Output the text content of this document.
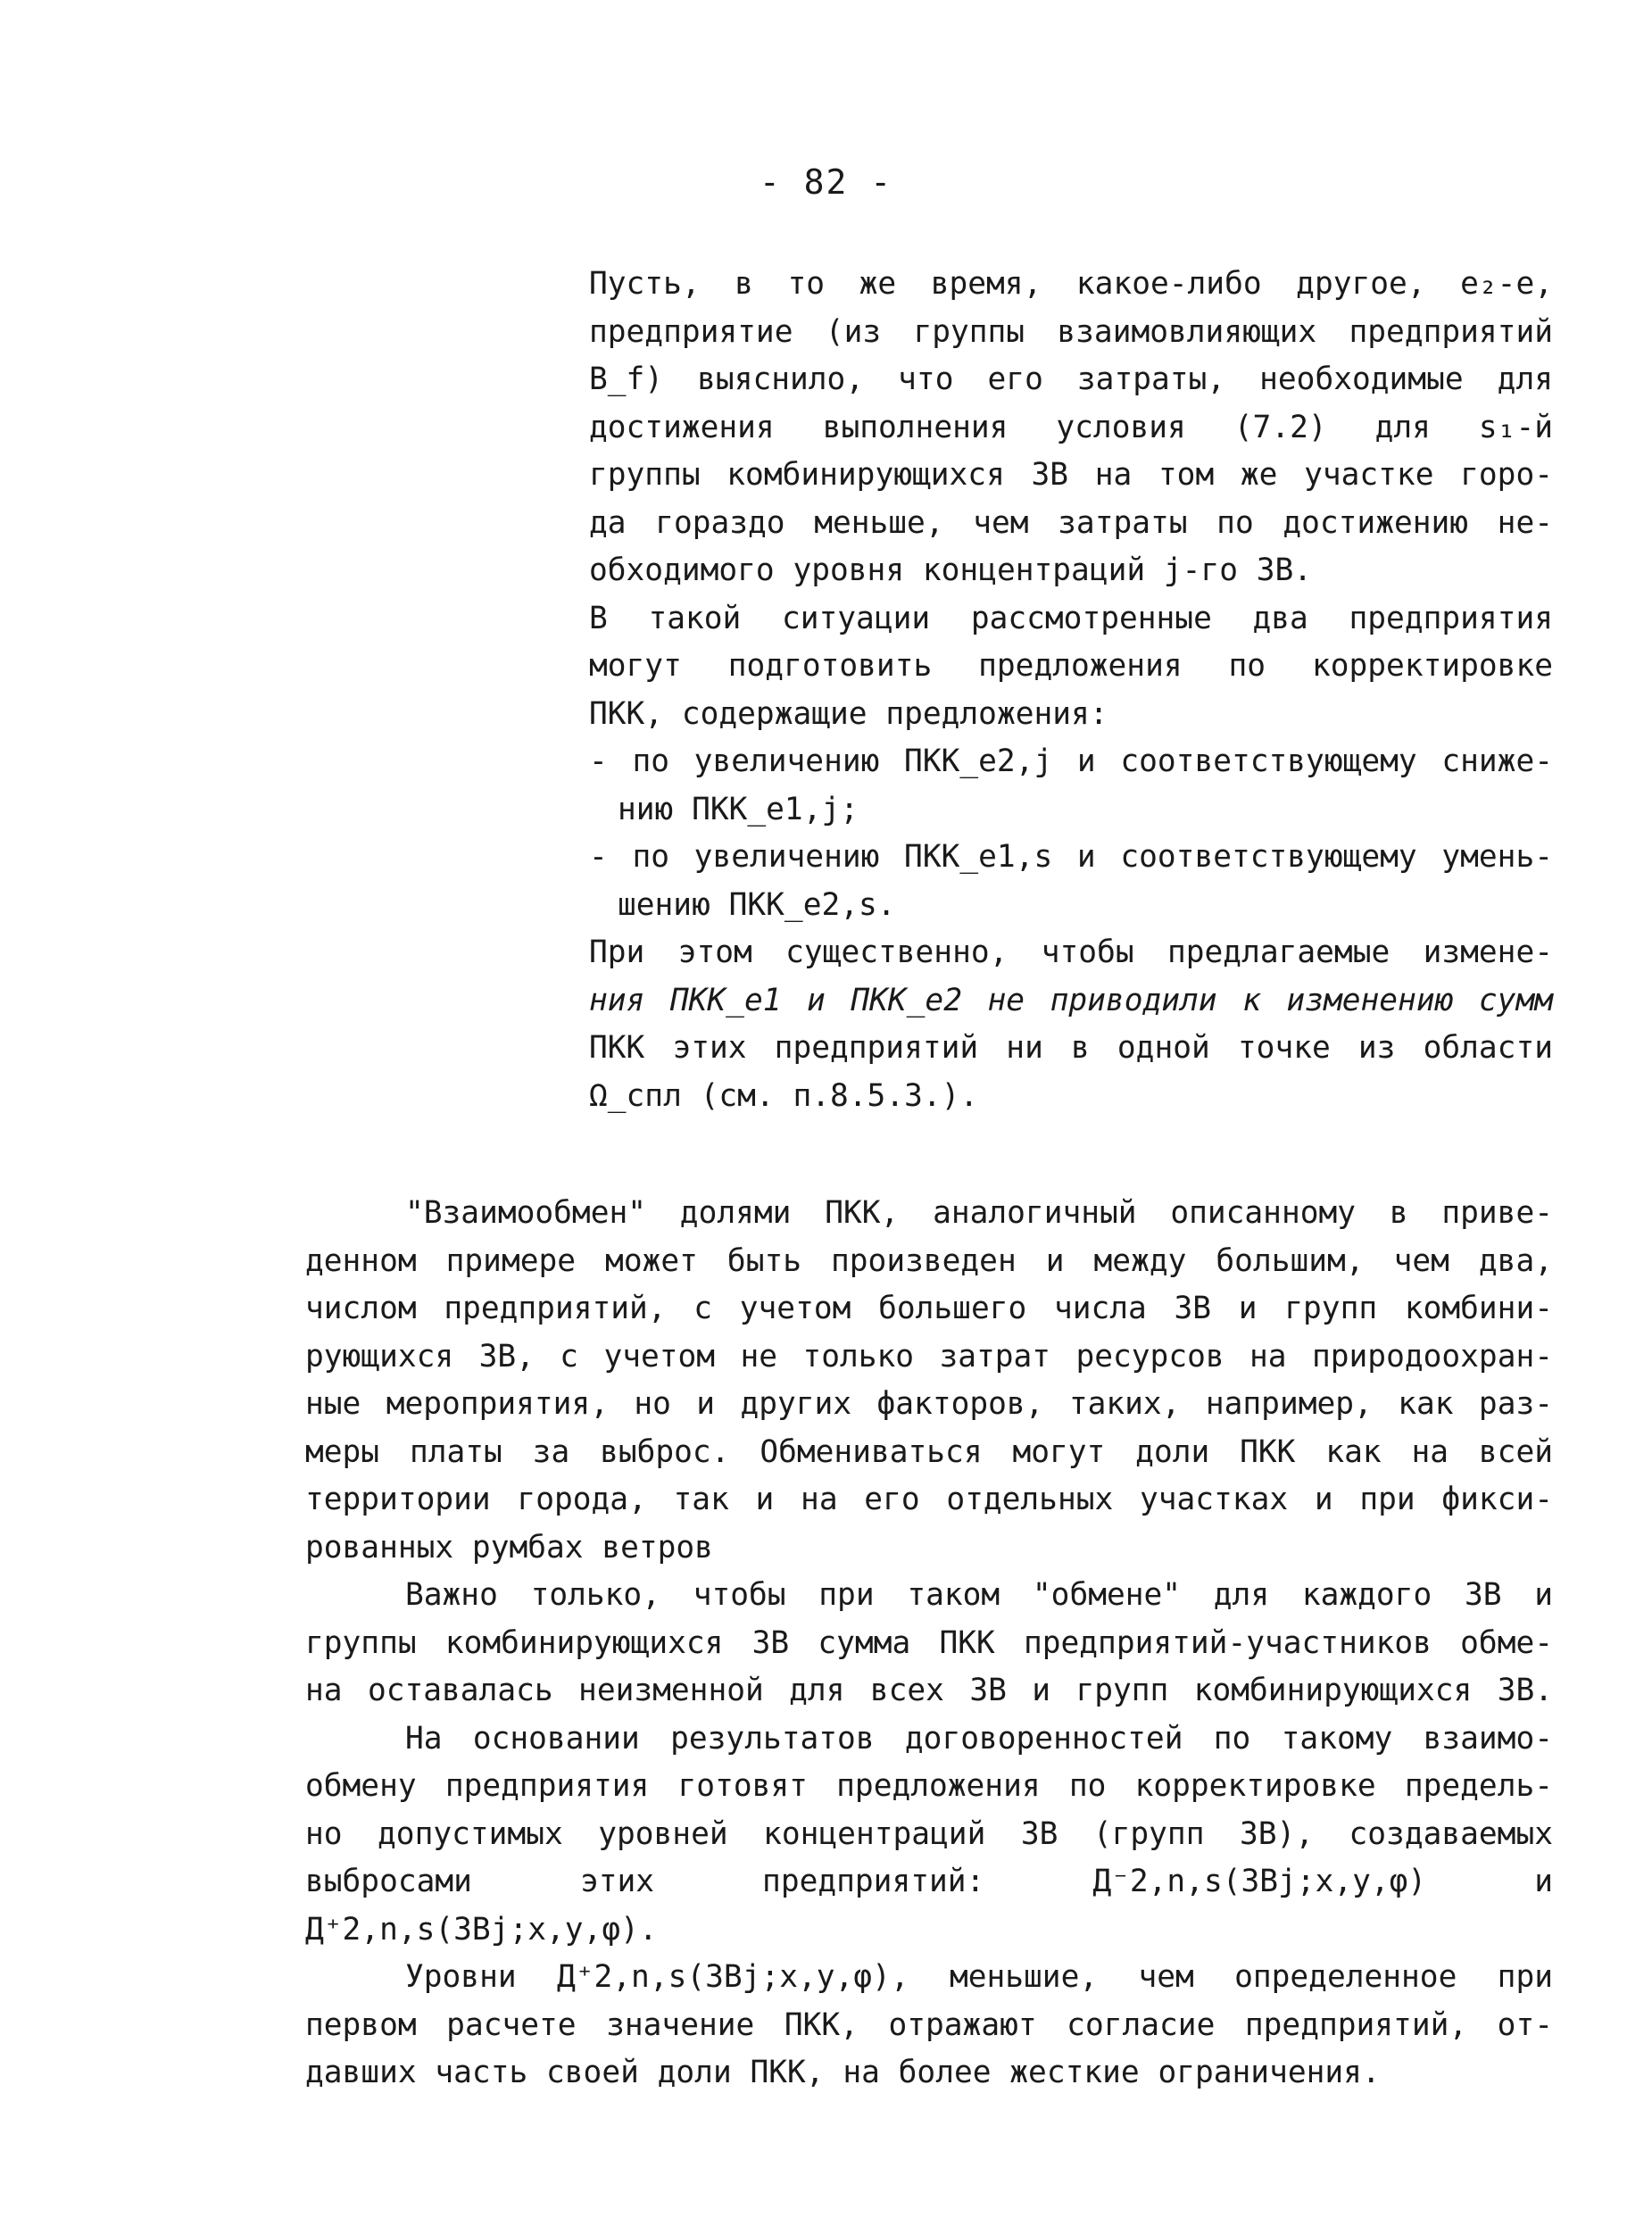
- 82 -
Пусть, в то же время, какое-либо другое, e₂-е,
предприятие (из группы взаимовлияющих предприятий
B_f) выяснило, что его затраты, необходимые для
достижения выполнения условия (7.2) для s₁-й
группы комбинирующихся ЗВ на том же участке горо-
да гораздо меньше, чем затраты по достижению не-
обходимого уровня концентраций j-го ЗВ.
В такой ситуации рассмотренные два предприятия
могут подготовить предложения по корректировке
ПКК, содержащие предложения:
- по увеличению ПКК_e2,j и соответствующему сниже-
нию ПКК_e1,j;
- по увеличению ПКК_e1,s и соответствующему умень-
шению ПКК_e2,s.
При этом существенно, чтобы предлагаемые измене-
ния ПКК_e1 и ПКК_e2 не приводили к изменению сумм
ПКК этих предприятий ни в одной точке из области
Ω_спл (см. п.8.5.3.).
"Взаимообмен" долями ПКК, аналогичный описанному в приве-
денном примере может быть произведен и между большим, чем два,
числом предприятий, с учетом большего числа ЗВ и групп комбини-
рующихся ЗВ, с учетом не только затрат ресурсов на природоохран-
ные мероприятия, но и других факторов, таких, например, как раз-
меры платы за выброс. Обмениваться могут доли ПКК как на всей
территории города, так и на его отдельных участках и при фикси-
рованных румбах ветров
Важно только, чтобы при таком "обмене" для каждого ЗВ и
группы комбинирующихся ЗВ сумма ПКК предприятий-участников обме-
на оставалась неизменной для всех ЗВ и групп комбинирующихся ЗВ.
На основании результатов договоренностей по такому взаимо-
обмену предприятия готовят предложения по корректировке предель-
но допустимых уровней концентраций ЗВ (групп ЗВ), создаваемых
выбросами этих предприятий: Д⁻2,n,s(ЗВj;x,y,φ) и
Д⁺2,n,s(ЗВj;x,y,φ).
Уровни Д⁺2,n,s(ЗВj;x,y,φ), меньшие, чем определенное при
первом расчете значение ПКК, отражают согласие предприятий, от-
давших часть своей доли ПКК, на более жесткие ограничения.
